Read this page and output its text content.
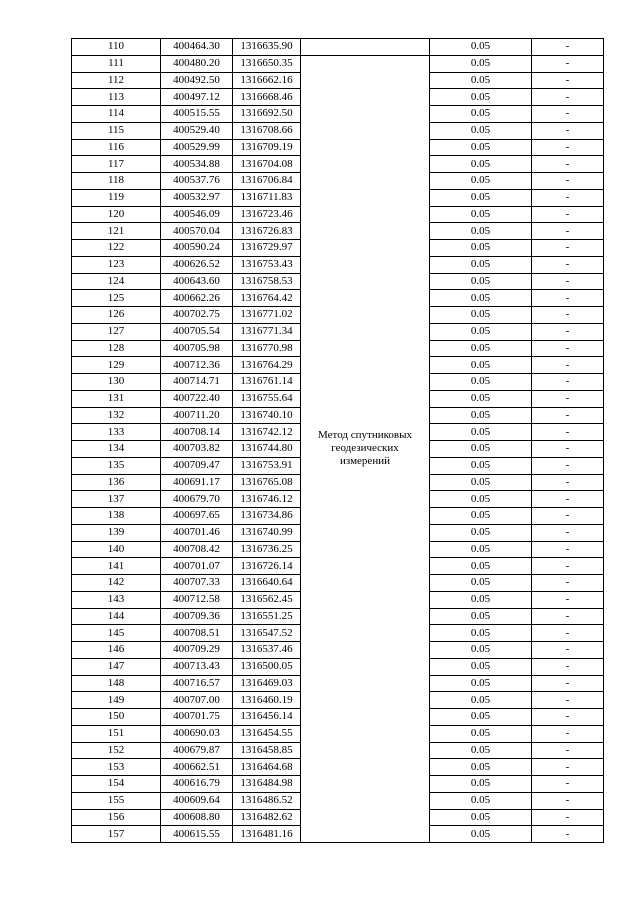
110	400464.30	1316635.90		0.05	-
111	400480.20	1316650.35	Метод спутниковых геодезических измерений	0.05	-
112	400492.50	1316662.16		0.05	-
113	400497.12	1316668.46		0.05	-
114	400515.55	1316692.50		0.05	-
115	400529.40	1316708.66		0.05	-
116	400529.99	1316709.19		0.05	-
117	400534.88	1316704.08		0.05	-
118	400537.76	1316706.84		0.05	-
119	400532.97	1316711.83		0.05	-
120	400546.09	1316723.46		0.05	-
121	400570.04	1316726.83		0.05	-
122	400590.24	1316729.97		0.05	-
123	400626.52	1316753.43		0.05	-
124	400643.60	1316758.53		0.05	-
125	400662.26	1316764.42		0.05	-
126	400702.75	1316771.02		0.05	-
127	400705.54	1316771.34		0.05	-
128	400705.98	1316770.98		0.05	-
129	400712.36	1316764.29		0.05	-
130	400714.71	1316761.14		0.05	-
131	400722.40	1316755.64		0.05	-
132	400711.20	1316740.10		0.05	-
133	400708.14	1316742.12		0.05	-
134	400703.82	1316744.80		0.05	-
135	400709.47	1316753.91		0.05	-
136	400691.17	1316765.08		0.05	-
137	400679.70	1316746.12		0.05	-
138	400697.65	1316734.86		0.05	-
139	400701.46	1316740.99		0.05	-
140	400708.42	1316736.25		0.05	-
141	400701.07	1316726.14		0.05	-
142	400707.33	1316640.64		0.05	-
143	400712.58	1316562.45		0.05	-
144	400709.36	1316551.25		0.05	-
145	400708.51	1316547.52		0.05	-
146	400709.29	1316537.46		0.05	-
147	400713.43	1316500.05		0.05	-
148	400716.57	1316469.03		0.05	-
149	400707.00	1316460.19		0.05	-
150	400701.75	1316456.14		0.05	-
151	400690.03	1316454.55		0.05	-
152	400679.87	1316458.85		0.05	-
153	400662.51	1316464.68		0.05	-
154	400616.79	1316484.98		0.05	-
155	400609.64	1316486.52		0.05	-
156	400608.80	1316482.62		0.05	-
157	400615.55	1316481.16		0.05	-
